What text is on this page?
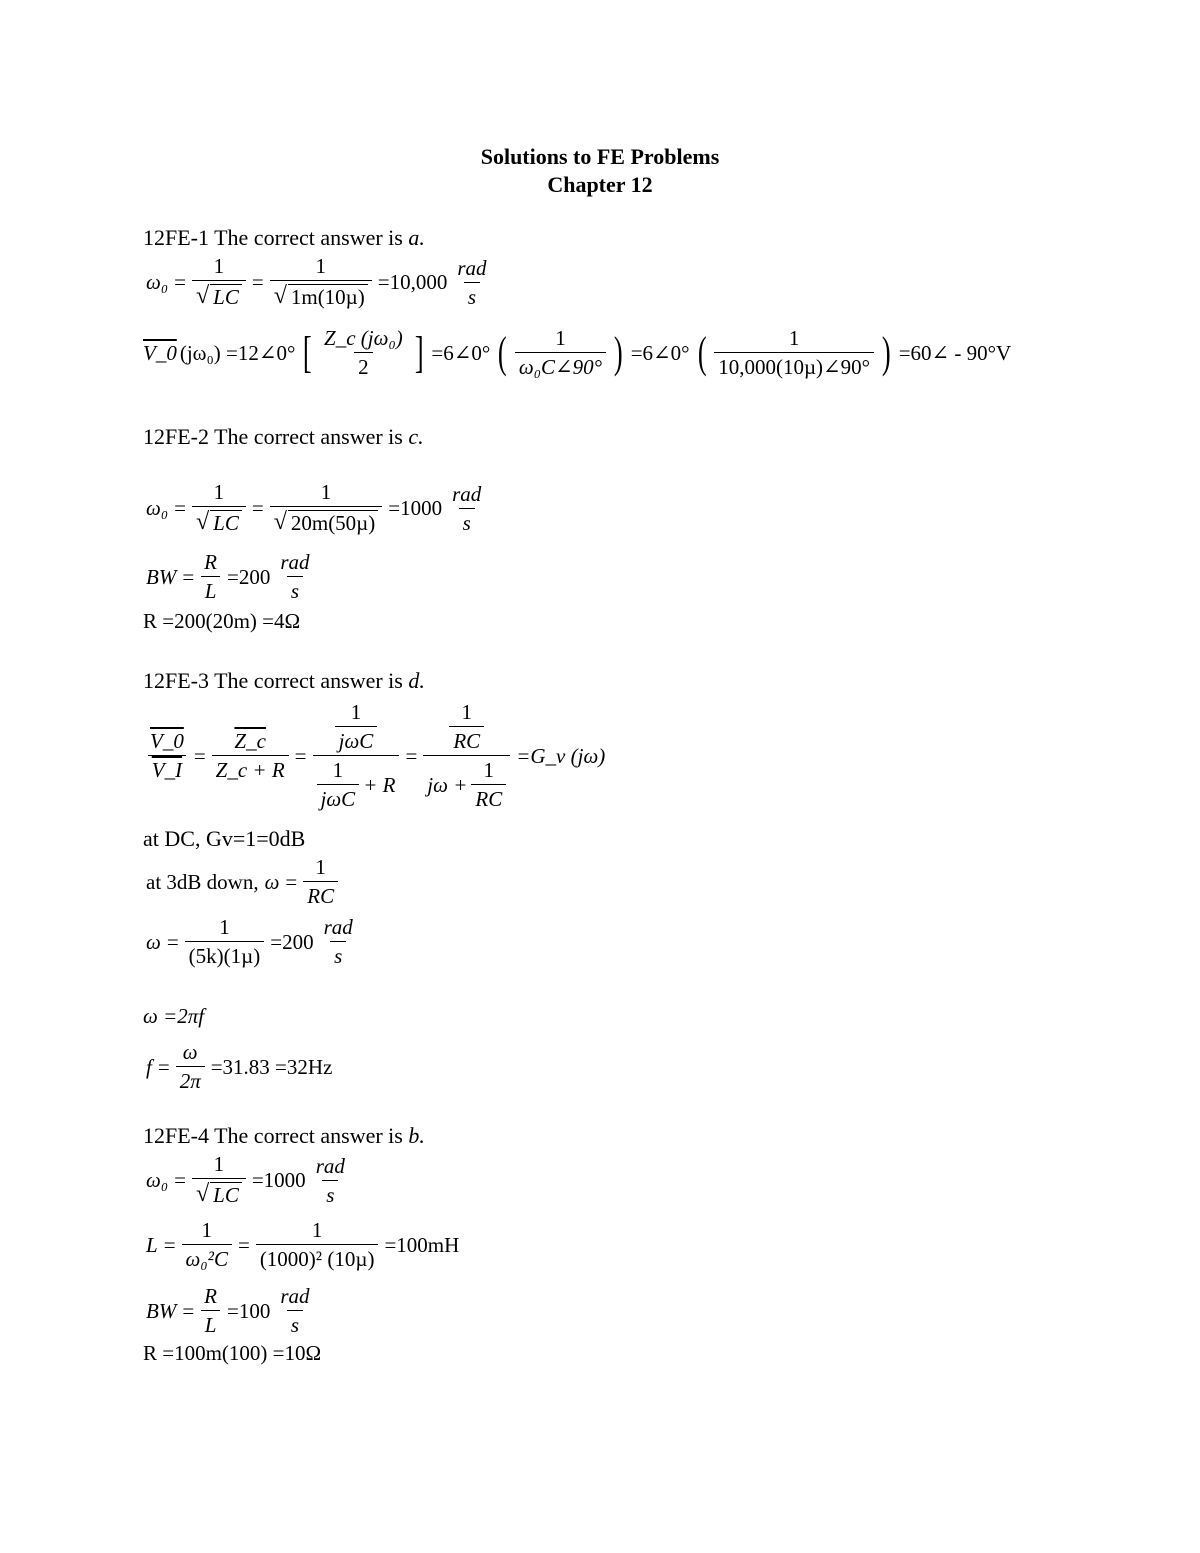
Solutions to FE Problems
Chapter 12
12FE-1 The correct answer is a.
$\omega_0 = \frac{1}{√ LC} = \frac{1}{\text{√ 1m(10µ)}} =10,000 \frac{\text{rad}}{s}$
V_0 (jω₀) =12∠0° [ $\frac{\text{Z\_c (jω₀)}}{2}$ ] =6∠0° ( $\frac{1}{\text{ω₀C∠90°}}$ ) =6∠0° ( $\frac{1}{\text{10,000(10µ)∠90°}}$ ) =60∠ - 90°V
12FE-2 The correct answer is c.
$\omega_0 = \frac{1}{√ LC} = \frac{1}{\text{√ 20m(50µ)}} =1000 \frac{\text{rad}}{s}$
BW = $\frac{R}{L} =200 \frac{\text{rad}}{s}$
R =200(20m) =4Ω
12FE-3 The correct answer is d.
$\frac{V\_0}{V\_I} = \frac{Z\_c}{Z\_c + R} = \frac{\frac{1}{\text{jωC}}}{\frac{1}{\text{jωC}} + R} = \frac{\frac{1}{RC}}{j\omega + \frac{1}{RC}}$ =G_v (jω)
at DC, Gv=1=0dB
at 3dB down, $\omega = \frac{1}{RC}$
$\omega = \frac{1}{\text{(5k)(1µ)}} =200 \frac{\text{rad}}{s}$
ω =2πf
$f = \frac{\omega}{2\pi} =31.83 =32Hz$
12FE-4 The correct answer is b.
$\omega_0 = \frac{1}{√ LC} =1000 \frac{\text{rad}}{s}$
$L = \frac{1}{\text{ω₀²C}} = \frac{1}{\text{(1000)² (10µ)}} =100mH$
BW = $\frac{R}{L} =100 \frac{\text{rad}}{s}$
R =100m(100) =10Ω
